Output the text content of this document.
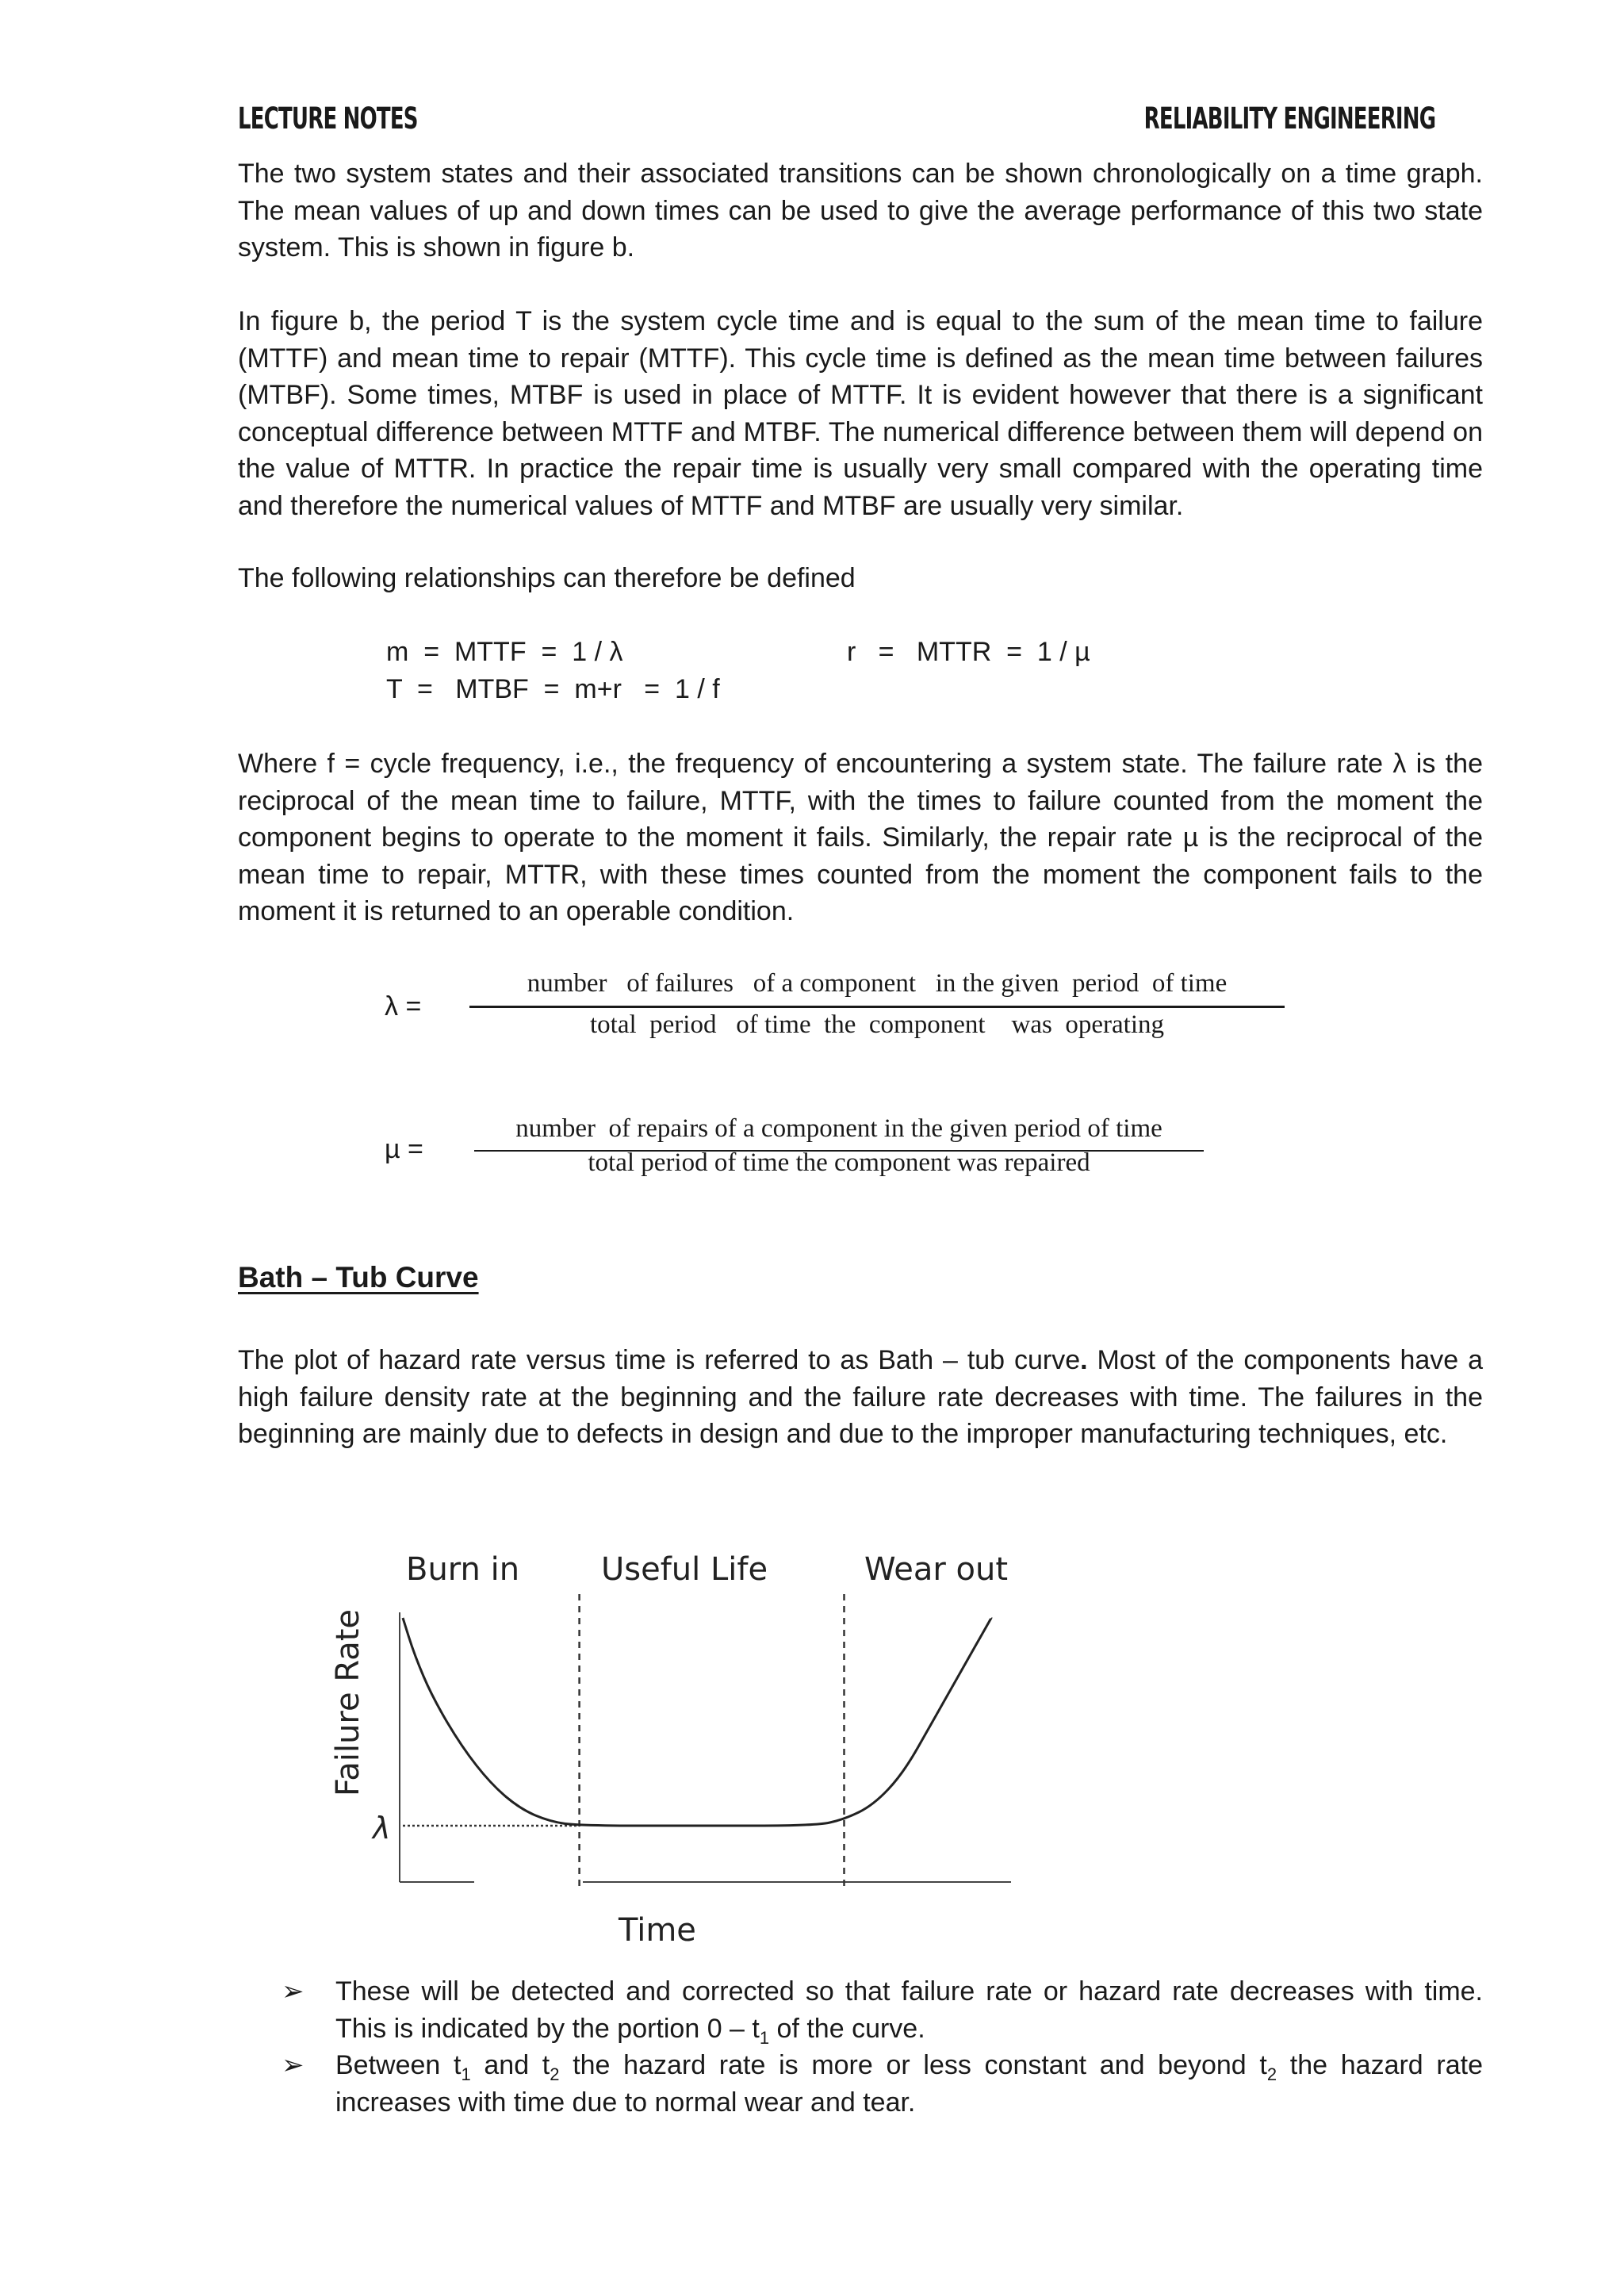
LECTURE NOTES	RELIABILITY ENGINEERING

The two system states and their associated transitions can be shown chronologically on a time graph. The mean values of up and down times can be used to give the average performance of this two state system. This is shown in figure b.

In figure b, the period T is the system cycle time and is equal to the sum of the mean time to failure (MTTF) and mean time to repair (MTTF). This cycle time is defined as the mean time between failures (MTBF). Some times, MTBF is used in place of MTTF. It is evident however that there is a significant conceptual difference between MTTF and MTBF. The numerical difference between them will depend on the value of MTTR. In practice the repair time is usually very small compared with the operating time and therefore the numerical values of MTTF and MTBF are usually very similar.

The following relationships can therefore be defined

m  =  MTTF  =  1 / λ	r   =   MTTR  =  1 / µ
T  =   MTBF  =  m+r   =  1 / f

Where f = cycle frequency, i.e., the frequency of encountering a system state. The failure rate λ is the reciprocal of the mean time to failure, MTTF, with the times to failure counted from the moment the component begins to operate to the moment it fails. Similarly, the repair rate µ is the reciprocal of the mean time to repair, MTTR, with these times counted from the moment the component fails to the moment it is returned to an operable condition.

λ =
number   of failures   of a component   in the given  period  of time
total  period   of time  the  component    was  operating
µ =
number  of repairs of a component in the given period of time
total period of time the component was repaired
Bath – Tub Curve

The plot of hazard rate versus time is referred to as Bath – tub curve. Most of the components have a high failure density rate at the beginning and the failure rate decreases with time. The failures in the beginning are mainly due to defects in design and due to the improper manufacturing techniques, etc.

Burn in	Useful Life	Wear out
Failure Rate
λ
Time
➢ These will be detected and corrected so that failure rate or hazard rate decreases with time. This is indicated by the portion $0 - t_1$ of the curve.
➢ Between $t_1$ and $t_2$ the hazard rate is more or less constant and beyond $t_2$ the hazard rate increases with time due to normal wear and tear.
